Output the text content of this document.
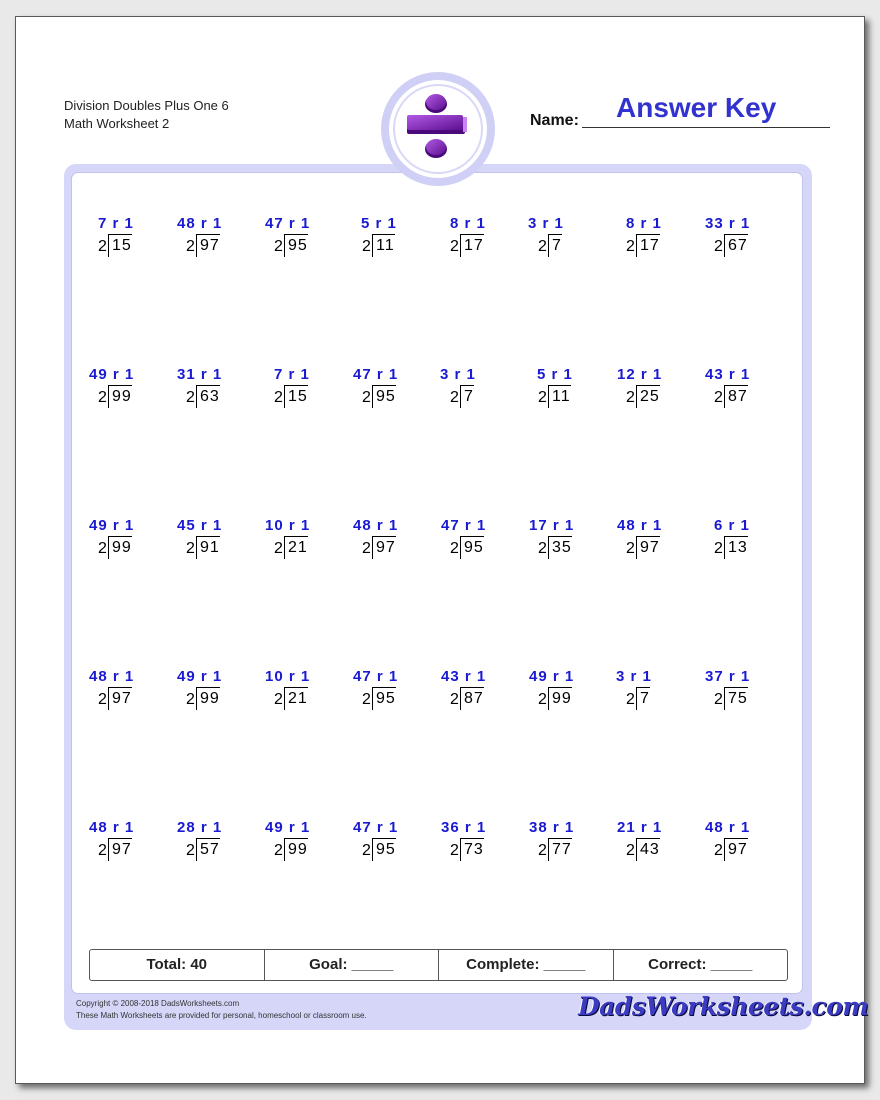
Division Doubles Plus One 6
Math Worksheet 2	Name: Answer Key
7 r 1
2 15
48 r 1
2 97
47 r 1
2 95
5 r 1
2 11
8 r 1
2 17
3 r 1
2 7
8 r 1
2 17
33 r 1
2 67
49 r 1
2 99
31 r 1
2 63
7 r 1
2 15
47 r 1
2 95
3 r 1
2 7
5 r 1
2 11
12 r 1
2 25
43 r 1
2 87
49 r 1
2 99
45 r 1
2 91
10 r 1
2 21
48 r 1
2 97
47 r 1
2 95
17 r 1
2 35
48 r 1
2 97
6 r 1
2 13
48 r 1
2 97
49 r 1
2 99
10 r 1
2 21
47 r 1
2 95
43 r 1
2 87
49 r 1
2 99
3 r 1
2 7
37 r 1
2 75
48 r 1
2 97
28 r 1
2 57
49 r 1
2 99
47 r 1
2 95
36 r 1
2 73
38 r 1
2 77
21 r 1
2 43
48 r 1
2 97
Total: 40	Goal: _____	Complete: _____	Correct: _____
Copyright © 2008-2018 DadsWorksheets.com
These Math Worksheets are provided for personal, homeschool or classroom use.	DadsWorksheets.com
